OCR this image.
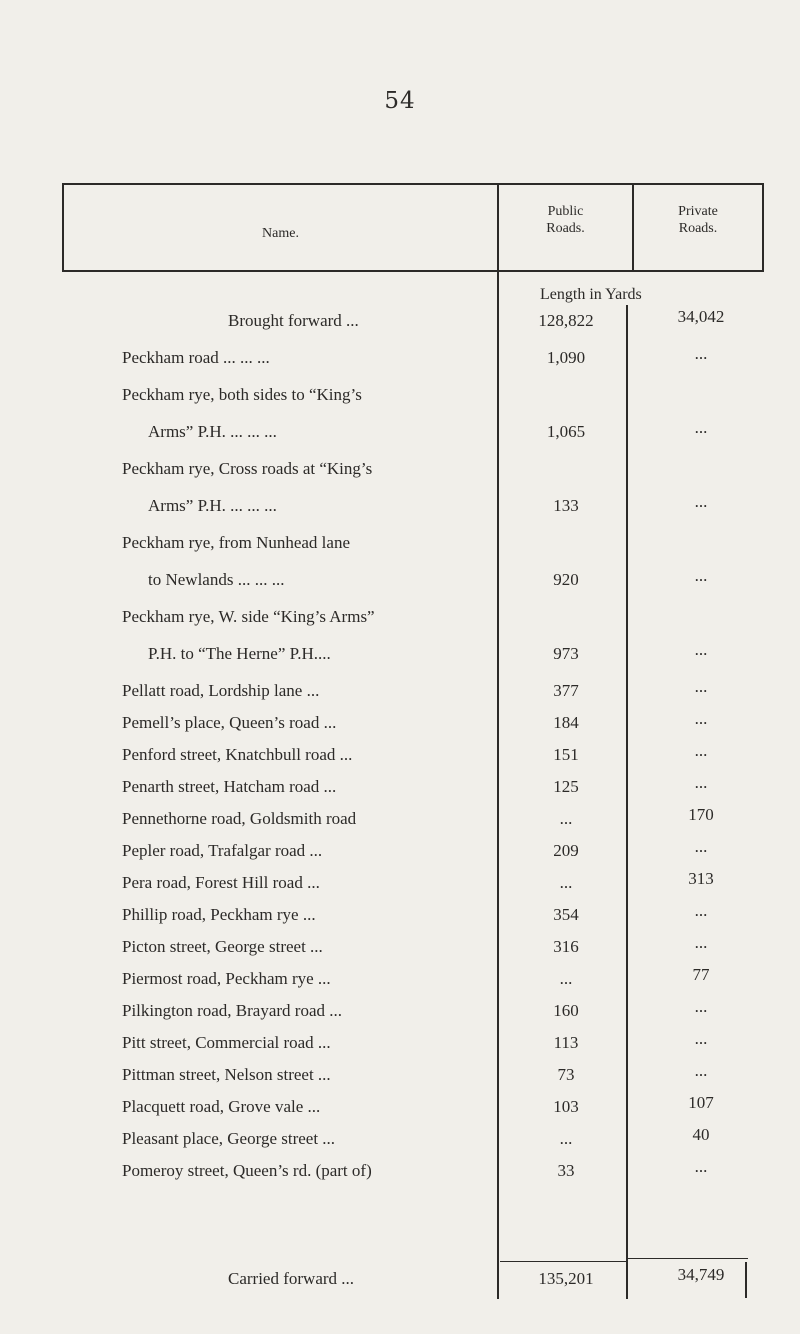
54
Name.
Public
Roads.
Private
Roads.
Length in Yards
Brought forward ...	128,822	34,042
Peckham road ... ... ...	1,090	...
Peckham rye, both sides to “King’s
Arms” P.H. ... ... ...	1,065	...
Peckham rye, Cross roads at “King’s
Arms” P.H. ... ... ...	133	...
Peckham rye, from Nunhead lane
to Newlands ... ... ...	920	...
Peckham rye, W. side “King’s Arms”
P.H. to “The Herne” P.H....	973	...
Pellatt road, Lordship lane ...	377	...
Pemell’s place, Queen’s road ...	184	...
Penford street, Knatchbull road ...	151	...
Penarth street, Hatcham road ...	125	...
Pennethorne road, Goldsmith road	...	170
Pepler road, Trafalgar road ...	209	...
Pera road, Forest Hill road ...	...	313
Phillip road, Peckham rye ...	354	...
Picton street, George street ...	316	...
Piermost road, Peckham rye ...	...	77
Pilkington road, Brayard road ...	160	...
Pitt street, Commercial road ...	113	...
Pittman street, Nelson street ...	73	...
Placquett road, Grove vale ...	103	107
Pleasant place, George street ...	...	40
Pomeroy street, Queen’s rd. (part of)	33	...
Carried forward ...	135,201	34,749
